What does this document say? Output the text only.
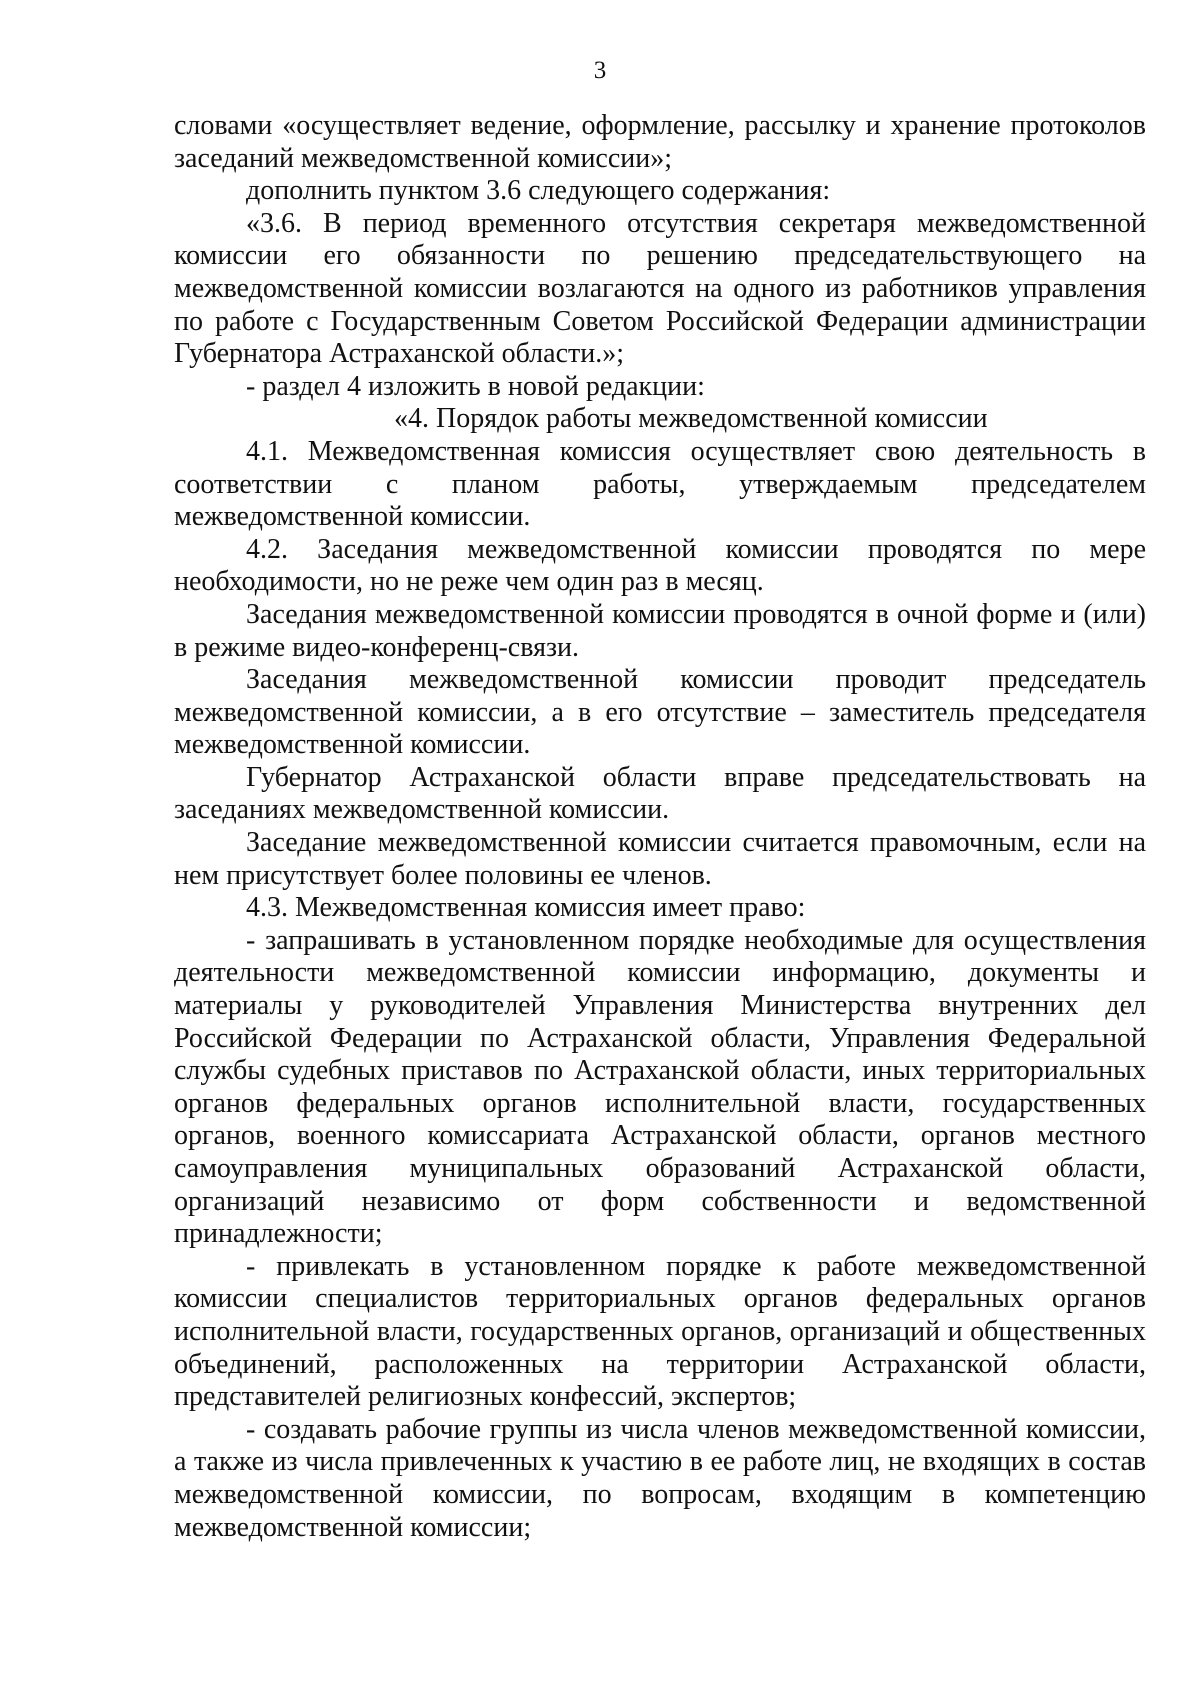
3

словами «осуществляет ведение, оформление, рассылку и хранение протоколов заседаний межведомственной комиссии»;

дополнить пунктом 3.6 следующего содержания:

«3.6. В период временного отсутствия секретаря межведомственной комиссии его обязанности по решению председательствующего на межведомственной комиссии возлагаются на одного из работников управления по работе с Государственным Советом Российской Федерации администрации Губернатора Астраханской области.»;

- раздел 4 изложить в новой редакции:

«4. Порядок работы межведомственной комиссии

4.1. Межведомственная комиссия осуществляет свою деятельность в соответствии с планом работы, утверждаемым председателем межведомственной комиссии.

4.2. Заседания межведомственной комиссии проводятся по мере необходимости, но не реже чем один раз в месяц.

Заседания межведомственной комиссии проводятся в очной форме и (или) в режиме видео-конференц-связи.

Заседания межведомственной комиссии проводит председатель межведомственной комиссии, а в его отсутствие – заместитель председателя межведомственной комиссии.

Губернатор Астраханской области вправе председательствовать на заседаниях межведомственной комиссии.

Заседание межведомственной комиссии считается правомочным, если на нем присутствует более половины ее членов.

4.3. Межведомственная комиссия имеет право:

- запрашивать в установленном порядке необходимые для осуществления деятельности межведомственной комиссии информацию, документы и материалы у руководителей Управления Министерства внутренних дел Российской Федерации по Астраханской области, Управления Федеральной службы судебных приставов по Астраханской области, иных территориальных органов федеральных органов исполнительной власти, государственных органов, военного комиссариата Астраханской области, органов местного самоуправления муниципальных образований Астраханской области, организаций независимо от форм собственности и ведомственной принадлежности;

- привлекать в установленном порядке к работе межведомственной комиссии специалистов территориальных органов федеральных органов исполнительной власти, государственных органов, организаций и общественных объединений, расположенных на территории Астраханской области, представителей религиозных конфессий, экспертов;

- создавать рабочие группы из числа членов межведомственной комиссии, а также из числа привлеченных к участию в ее работе лиц, не входящих в состав межведомственной комиссии, по вопросам, входящим в компетенцию межведомственной комиссии;
